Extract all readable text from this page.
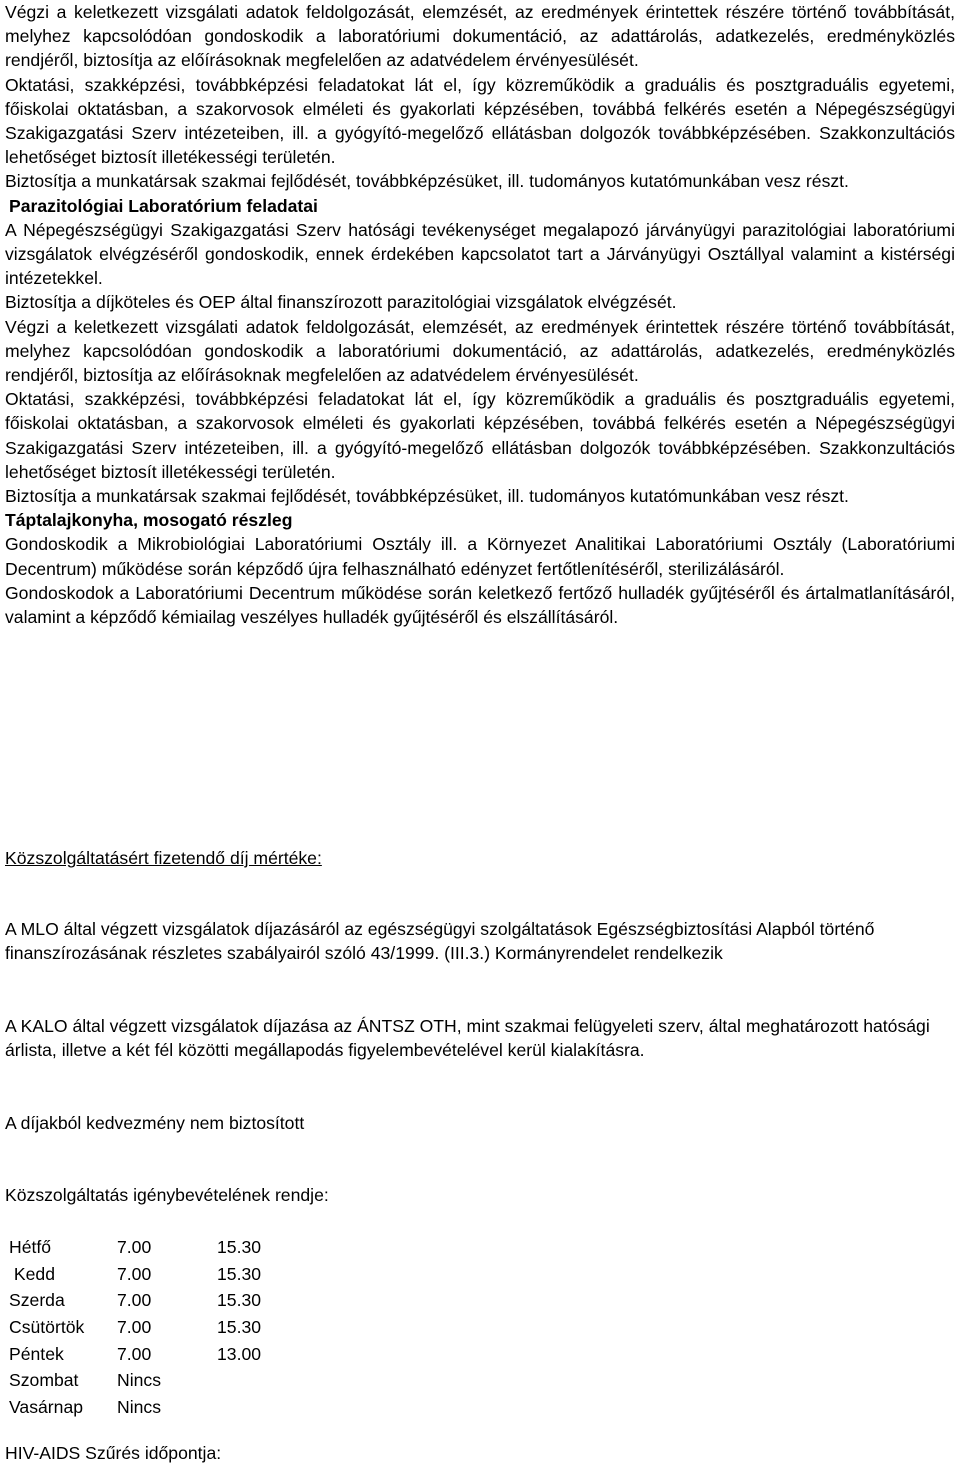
Végzi a keletkezett vizsgálati adatok feldolgozását, elemzését, az eredmények érintettek részére történő továbbítását, melyhez kapcsolódóan gondoskodik a laboratóriumi dokumentáció, az adattárolás, adatkezelés, eredményközlés rendjéről, biztosítja az előírásoknak megfelelően az adatvédelem érvényesülését.

Oktatási, szakképzési, továbbképzési feladatokat lát el, így közreműködik a graduális és posztgraduális egyetemi, főiskolai oktatásban, a szakorvosok elméleti és gyakorlati képzésében, továbbá felkérés esetén a Népegészségügyi Szakigazgatási Szerv intézeteiben, ill. a gyógyító-megelőző ellátásban dolgozók továbbképzésében. Szakkonzultációs lehetőséget biztosít illetékességi területén.

Biztosítja a munkatársak szakmai fejlődését, továbbképzésüket, ill. tudományos kutatómunkában vesz részt.

Parazitológiai Laboratórium feladatai

A Népegészségügyi Szakigazgatási Szerv hatósági tevékenységet megalapozó járványügyi parazitológiai laboratóriumi vizsgálatok elvégzéséről gondoskodik, ennek érdekében kapcsolatot tart a Járványügyi Osztállyal valamint a kistérségi intézetekkel.

Biztosítja a díjköteles és OEP által finanszírozott parazitológiai vizsgálatok elvégzését.

Végzi a keletkezett vizsgálati adatok feldolgozását, elemzését, az eredmények érintettek részére történő továbbítását, melyhez kapcsolódóan gondoskodik a laboratóriumi dokumentáció, az adattárolás, adatkezelés, eredményközlés rendjéről, biztosítja az előírásoknak megfelelően az adatvédelem érvényesülését.

Oktatási, szakképzési, továbbképzési feladatokat lát el, így közreműködik a graduális és posztgraduális egyetemi, főiskolai oktatásban, a szakorvosok elméleti és gyakorlati képzésében, továbbá felkérés esetén a Népegészségügyi Szakigazgatási Szerv intézeteiben, ill. a gyógyító-megelőző ellátásban dolgozók továbbképzésében. Szakkonzultációs lehetőséget biztosít illetékességi területén.

Biztosítja a munkatársak szakmai fejlődését, továbbképzésüket, ill. tudományos kutatómunkában vesz részt.

Táptalajkonyha, mosogató részleg

Gondoskodik a Mikrobiológiai Laboratóriumi Osztály ill. a Környezet Analitikai Laboratóriumi Osztály (Laboratóriumi Decentrum) működése során képződő újra felhasználható edényzet fertőtlenítéséről, sterilizálásáról.

Gondoskodok a Laboratóriumi Decentrum működése során keletkező fertőző hulladék gyűjtéséről és ártalmatlanításáról, valamint a képződő kémiailag veszélyes hulladék gyűjtéséről és elszállításáról.

Közszolgáltatásért fizetendő díj mértéke:

A MLO által végzett vizsgálatok díjazásáról az egészségügyi szolgáltatások Egészségbiztosítási Alapból történő finanszírozásának részletes szabályairól szóló 43/1999. (III.3.) Kormányrendelet rendelkezik

A KALO által végzett vizsgálatok díjazása az ÁNTSZ OTH, mint szakmai felügyeleti szerv, által meghatározott hatósági árlista, illetve a két fél közötti megállapodás figyelembevételével kerül kialakításra.

A díjakból kedvezmény nem biztosított

Közszolgáltatás igénybevételének rendje:

Hétfő	7.00	15.30
Kedd	7.00	15.30
Szerda	7.00	15.30
Csütörtök	7.00	15.30
Péntek	7.00	13.00
Szombat	Nincs	
Vasárnap	Nincs	

HIV-AIDS Szűrés időpontja:
